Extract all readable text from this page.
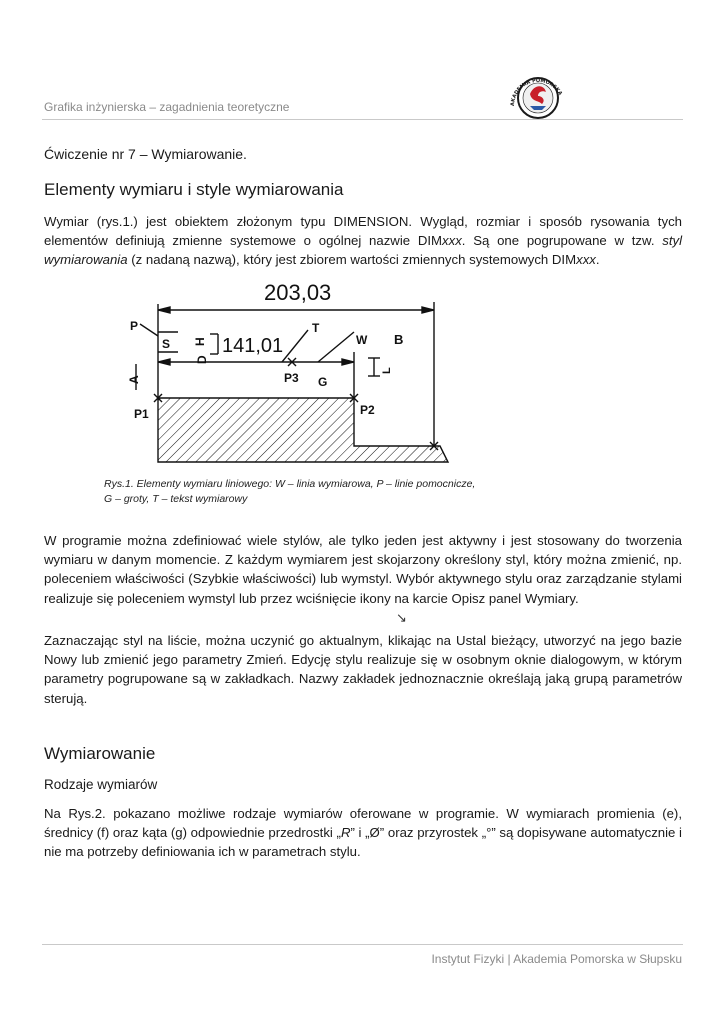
Grafika inżynierska – zagadnienia teoretyczne	AKADEMIA POMORSKA
Ćwiczenie nr 7 – Wymiarowanie.
Elementy wymiaru i style wymiarowania

Wymiar (rys.1.) jest obiektem złożonym typu DIMENSION. Wygląd, rozmiar i sposób rysowania tych elementów definiują zmienne systemowe o ogólnej nazwie DIMxxx. Są one pogrupowane w tzw. styl wymiarowania (z nadaną nazwą), który jest zbiorem wartości zmiennych systemowych DIMxxx.

203,03
141,01
P
S
D
H
T
W B
A	P3 G
L
P1	P2
Rys.1. Elementy wymiaru liniowego: W – linia wymiarowa, P – linie pomocnicze,
G – groty, T – tekst wymiarowy

W programie można zdefiniować wiele stylów, ale tylko jeden jest aktywny i jest stosowany do tworzenia wymiaru w danym momencie. Z każdym wymiarem jest skojarzony określony styl, który można zmienić, np. poleceniem właściwości (Szybkie właściwości) lub wymstyl. Wybór aktywnego stylu oraz zarządzanie stylami realizuje się poleceniem wymstyl lub przez wciśnięcie ikony na karcie Opisz panel Wymiary.

↘

Zaznaczając styl na liście, można uczynić go aktualnym, klikając na Ustal bieżący, utworzyć na jego bazie Nowy lub zmienić jego parametry Zmień. Edycję stylu realizuje się w osobnym oknie dialogowym, w którym parametry pogrupowane są w zakładkach. Nazwy zakładek jednoznacznie określają jaką grupą parametrów sterują.

Wymiarowanie
Rodzaje wymiarów

Na Rys.2. pokazano możliwe rodzaje wymiarów oferowane w programie. W wymiarach promienia (e), średnicy (f) oraz kąta (g) odpowiednie przedrostki „R” i „Ø” oraz przyrostek „°” są dopisywane automatycznie i nie ma potrzeby definiowania ich w parametrach stylu.

Instytut Fizyki | Akademia Pomorska w Słupsku
